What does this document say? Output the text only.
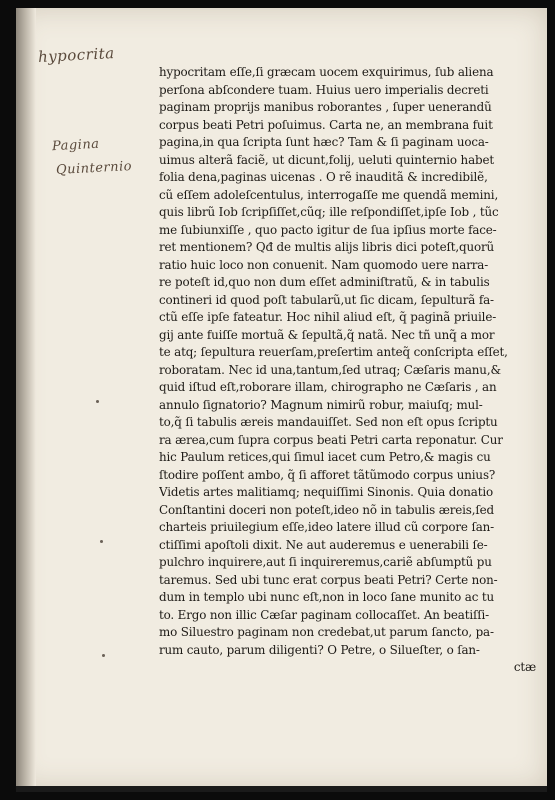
hypocrita
Pagina
Quinternio
hypocritam eſſe,ſi græcam uocem exquirimus, ſub aliena
perſona abſcondere tuam. Huius uero imperialis decreti
paginam proprijs manibus roborantes , ſuper uenerandũ
corpus beati Petri poſuimus. Carta ne, an membrana fuit
pagina,in qua ſcripta ſunt hæc? Tam & ſi paginam uoca-
uimus alterã faciẽ, ut dicunt,folij, ueluti quinternio habet
folia dena,paginas uicenas . O rẽ inauditã & incredibilẽ,
cũ eſſem adoleſcentulus, interrogaſſe me quendã memini,
quis librũ Iob ſcripſiſſet,cũq; ille reſpondiſſet,ipſe Iob , tũc
me ſubiunxiſſe , quo pacto igitur de ſua ipſius morte face-
ret mentionem? Qđ de multis alijs libris dici poteſt,quorũ
ratio huic loco non conuenit. Nam quomodo uere narra-
re poteſt id,quo non dum eſſet adminiſtratũ, & in tabulis
contineri id quod poſt tabularũ,ut ſic dicam, ſepulturã fa-
ctũ eſſe ipſe fateatur. Hoc nihil aliud eſt, q̃ paginã priuile-
gij ante fuiſſe mortuã & ſepultã,q̃ natã. Nec tñ unq̃ a mor
te atq; ſepultura reuerſam,preſertim anteq̃ conſcripta eſſet,
roboratam. Nec id una,tantum,ſed utraq; Cæſaris manu,&
quid iſtud eſt,roborare illam, chirographo ne Cæſaris , an
annulo ſignatorio? Magnum nimirũ robur, maiuſq; mul-
to,q̃ ſi tabulis æreis mandauiſſet. Sed non eſt opus ſcriptu
ra ærea,cum ſupra corpus beati Petri carta reponatur. Cur
hic Paulum retices,qui ſimul iacet cum Petro,& magis cu
ſtodire poſſent ambo, q̃ ſi afforet tãtũmodo corpus unius?
Videtis artes malitiamq; nequiſſimi Sinonis. Quia donatio
Conſtantini doceri non poteſt,ideo nõ in tabulis æreis,ſed
charteis priuilegium eſſe,ideo latere illud cũ corpore ſan-
ctiſſimi apoſtoli dixit. Ne aut auderemus e uenerabili ſe-
pulchro inquirere,aut ſi inquireremus,cariẽ abſumptũ pu
taremus. Sed ubi tunc erat corpus beati Petri? Certe non-
dum in templo ubi nunc eſt,non in loco ſane munito ac tu
to. Ergo non illic Cæſar paginam collocaſſet. An beatiſſi-
mo Siluestro paginam non credebat,ut parum ſancto, pa-
rum cauto, parum diligenti? O Petre, o Silueſter, o ſan-
ctæ
